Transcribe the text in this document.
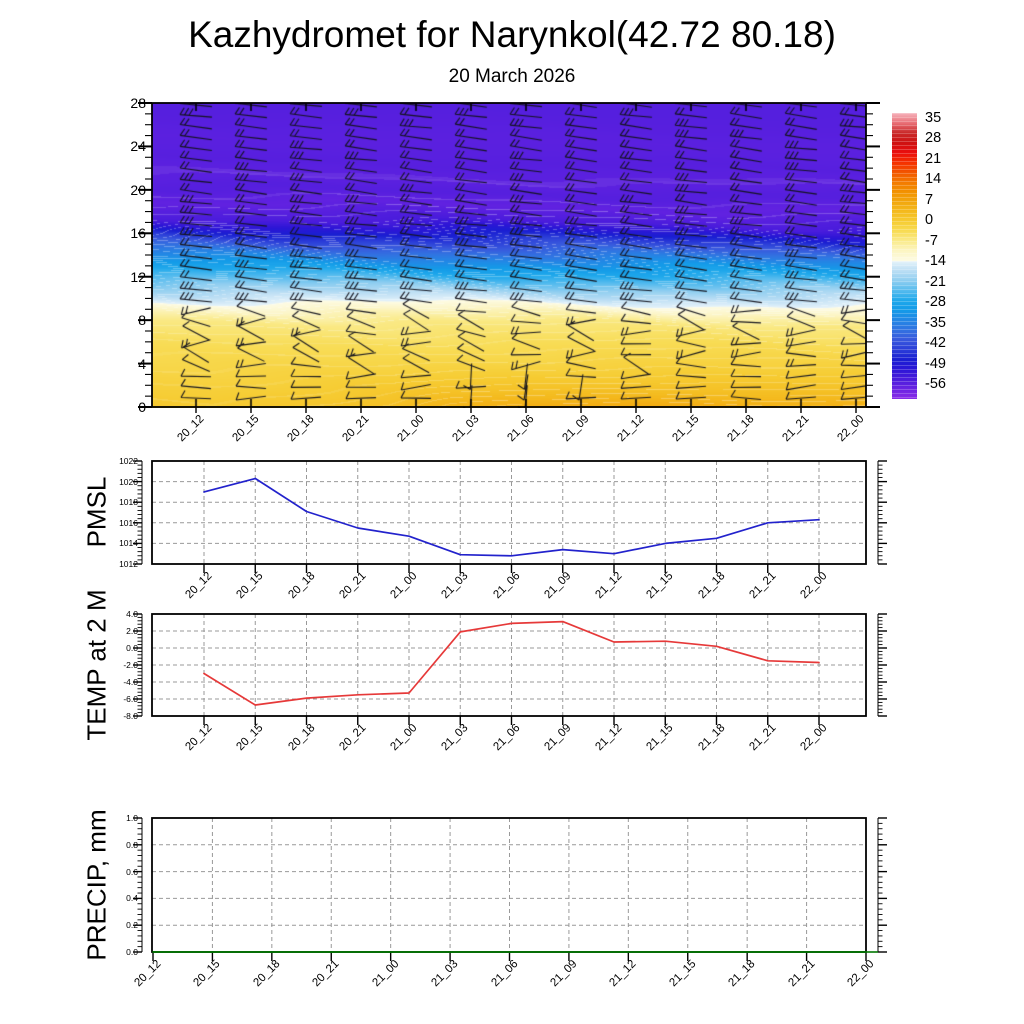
Kazhydromet for Narynkol(42.72 80.18)
20 March 2026
35
28
21
14
7
0
-7
-14
-21
-28
-35
-42
-49
-56
28
24
20
16
12
8
4
0
20_12 20_15 20_18 20_21 21_00 21_03 21_06 21_09 21_12 21_15 21_18 21_21 22_00
20_12 20_15 20_18 20_21 21_00 21_03 21_06 21_09 21_12 21_15 21_18 21_21 22_00
20_12 20_15 20_18 20_21 21_00 21_03 21_06 21_09 21_12 21_15 21_18 21_21 22_00
20_12 20_15 20_18 20_21 21_00 21_03 21_06 21_09 21_12 21_15 21_18 21_21 22_00
1022
1020
1018
1016
1014
1012
4.0
2.0
0.0
-2.0
-4.0
-6.0
-8.0
1.0
0.8
0.6
0.4
0.2
0.0
PMSL
TEMP at 2 M
PRECIP, mm
